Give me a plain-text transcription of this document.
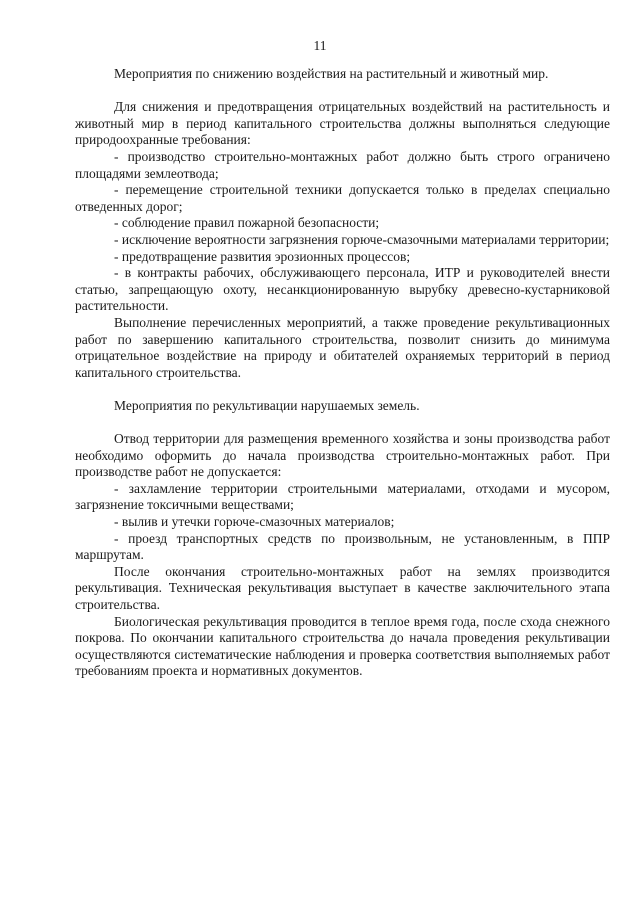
11

Мероприятия по снижению воздействия на растительный и животный мир.

Для снижения и предотвращения отрицательных воздействий на растительность и животный мир в период капитального строительства должны выполняться следующие природоохранные требования:

- производство строительно-монтажных работ должно быть строго ограничено площадями землеотвода;

- перемещение строительной техники допускается только в пределах специально отведенных дорог;

- соблюдение правил пожарной безопасности;

- исключение вероятности загрязнения горюче-смазочными материалами территории;

- предотвращение развития эрозионных процессов;

- в контракты рабочих, обслуживающего персонала, ИТР и руководителей внести статью, запрещающую охоту, несанкционированную вырубку древесно-кустарниковой растительности.

Выполнение перечисленных мероприятий, а также проведение рекультивационных работ по завершению капитального строительства, позволит снизить до минимума отрицательное воздействие на природу и обитателей охраняемых территорий в период капитального строительства.

Мероприятия по рекультивации нарушаемых земель.

Отвод территории для размещения временного хозяйства и зоны производства работ необходимо оформить до начала производства строительно-монтажных работ. При производстве работ не допускается:

- захламление территории строительными материалами, отходами и мусором, загрязнение токсичными веществами;

- вылив и утечки горюче-смазочных материалов;

- проезд транспортных средств по произвольным, не установленным, в ППР маршрутам.

После окончания строительно-монтажных работ на землях производится рекультивация. Техническая рекультивация выступает в качестве заключительного этапа строительства.

Биологическая рекультивация проводится в теплое время года, после схода снежного покрова. По окончании капитального строительства до начала проведения рекультивации осуществляются систематические наблюдения и проверка соответствия выполняемых работ требованиям проекта и нормативных документов.
